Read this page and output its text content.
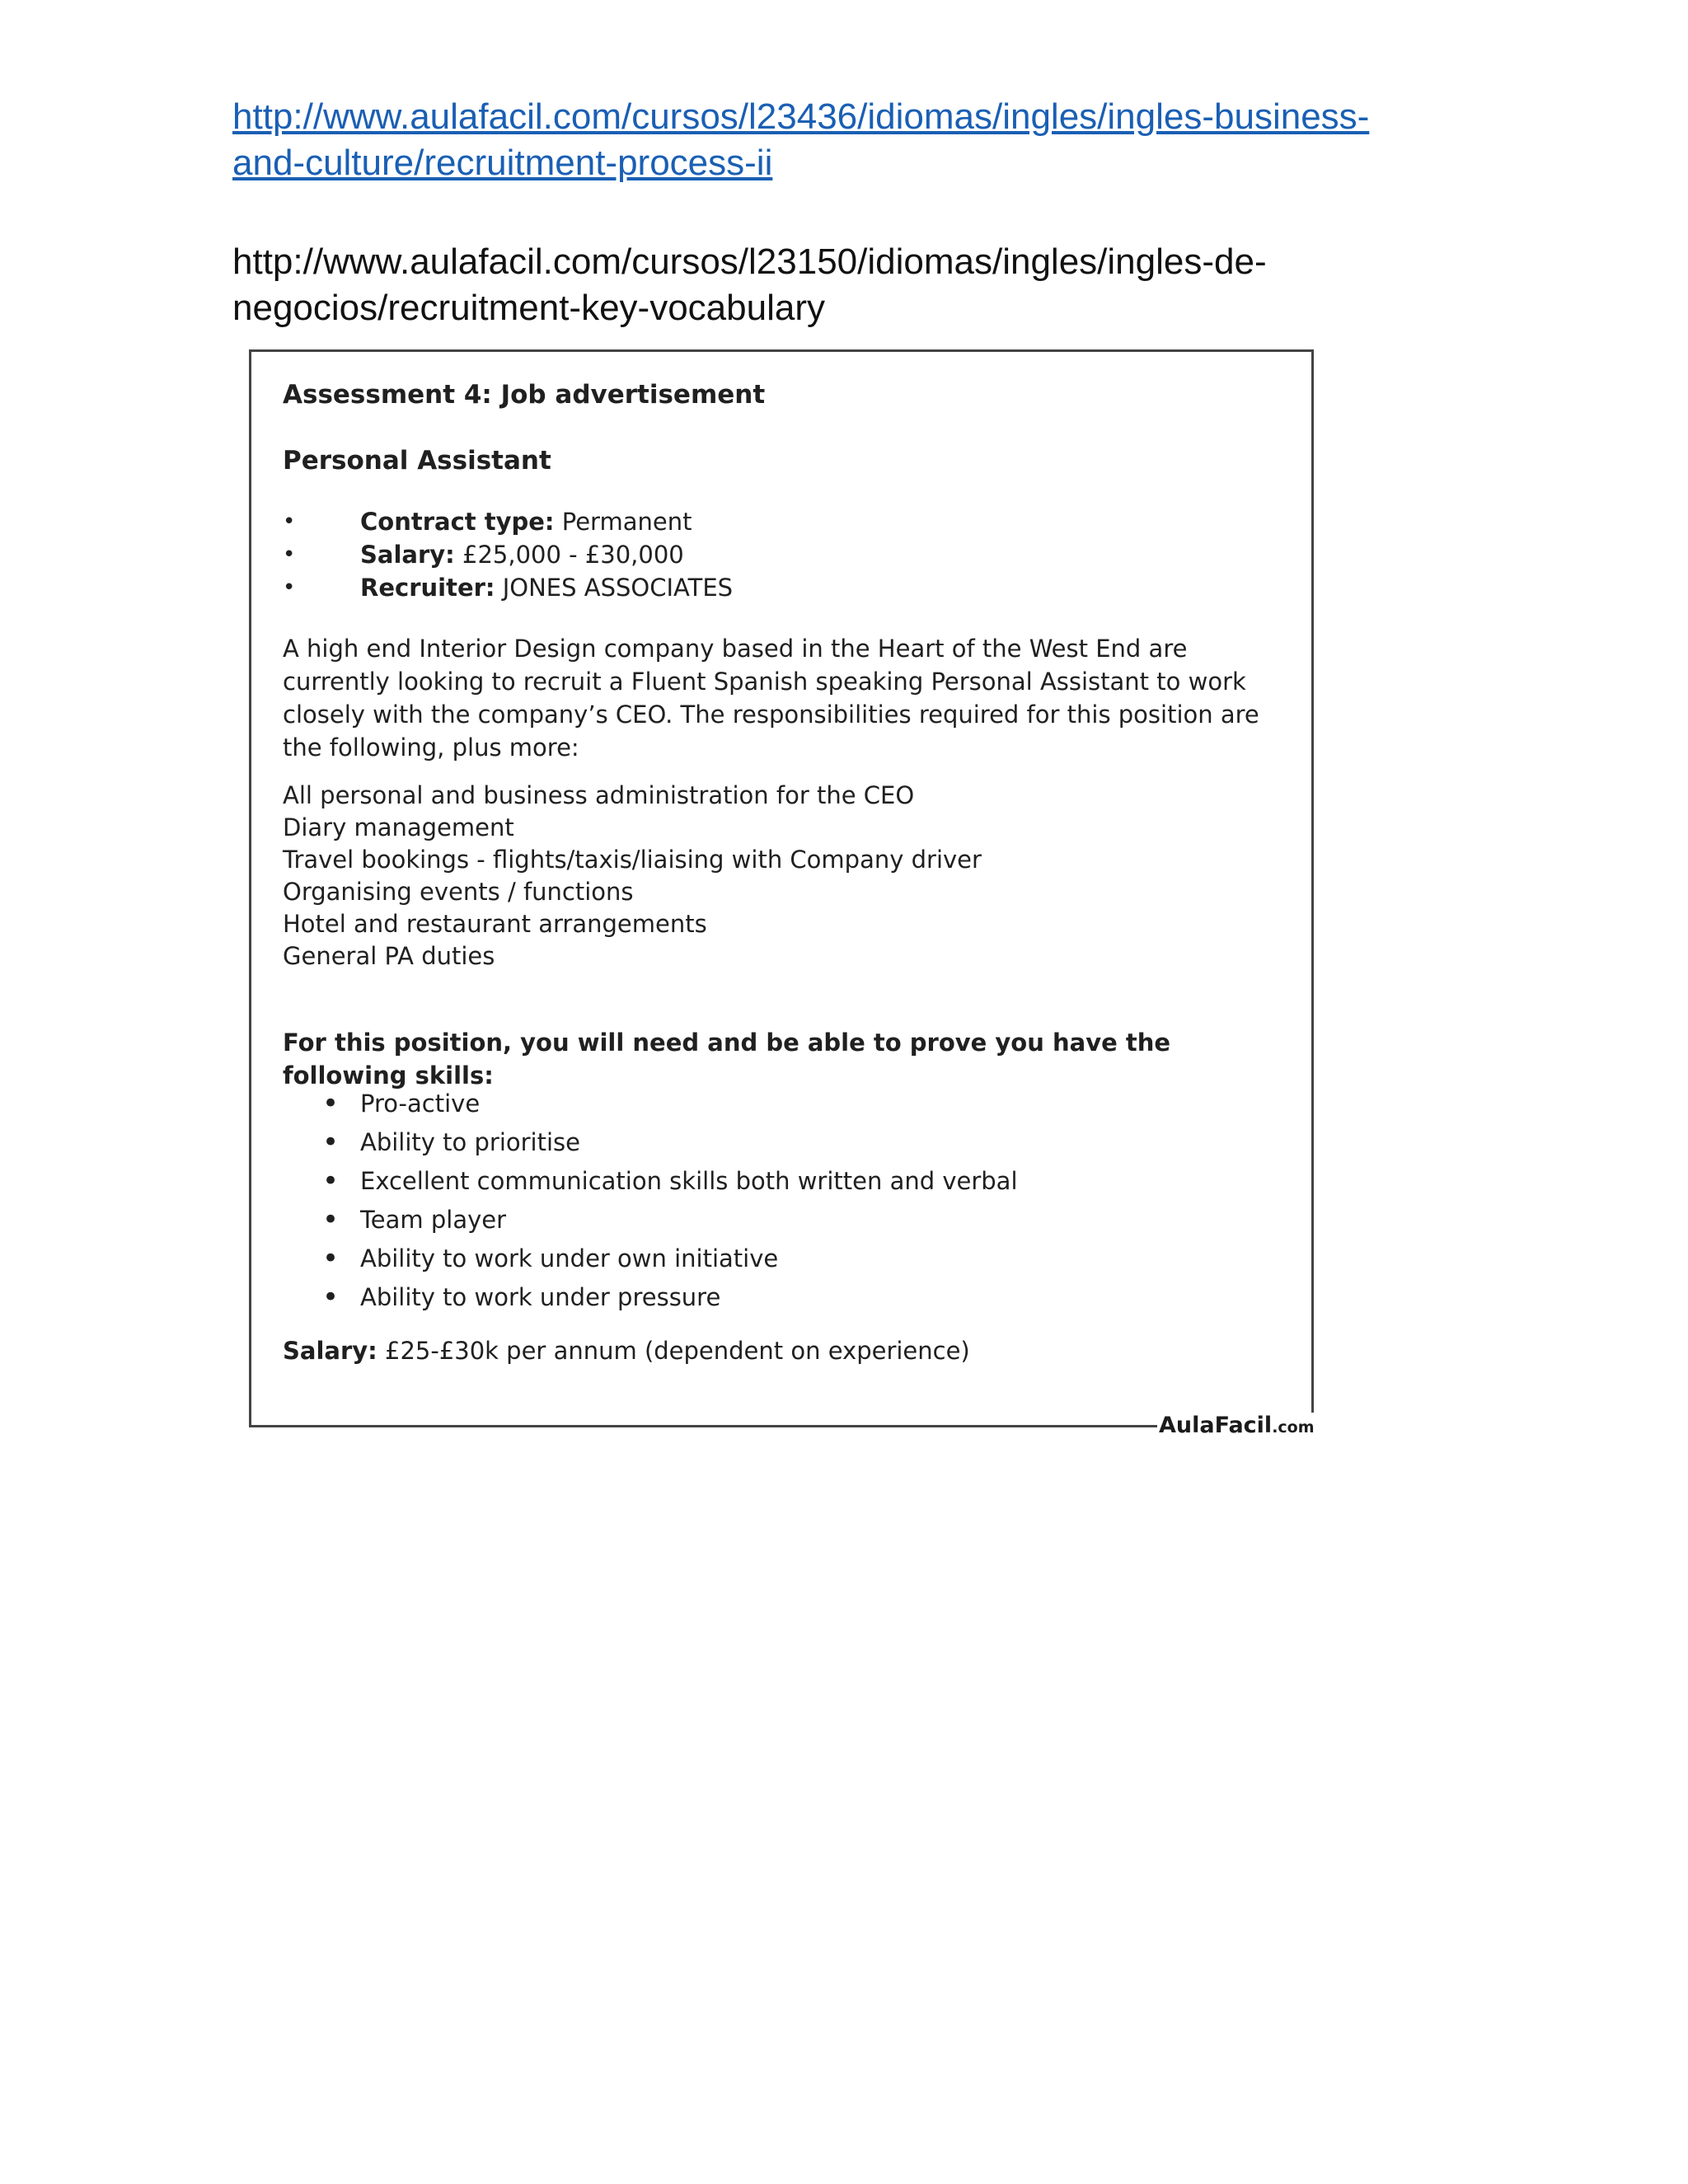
http://www.aulafacil.com/cursos/l23436/idiomas/ingles/ingles-business-and-culture/recruitment-process-ii
http://www.aulafacil.com/cursos/l23150/idiomas/ingles/ingles-de-negocios/recruitment-key-vocabulary
Assessment 4: Job advertisement
Personal Assistant
• Contract type: Permanent
• Salary: £25,000 - £30,000
• Recruiter: JONES ASSOCIATES

A high end Interior Design company based in the Heart of the West End are currently looking to recruit a Fluent Spanish speaking Personal Assistant to work closely with the company’s CEO. The responsibilities required for this position are the following, plus more:

All personal and business administration for the CEO
Diary management
Travel bookings - flights/taxis/liaising with Company driver
Organising events / functions
Hotel and restaurant arrangements
General PA duties

For this position, you will need and be able to prove you have the following skills:

• Pro-active
• Ability to prioritise
• Excellent communication skills both written and verbal
• Team player
• Ability to work under own initiative
• Ability to work under pressure

Salary: £25-£30k per annum (dependent on experience)

AulaFacil.com
